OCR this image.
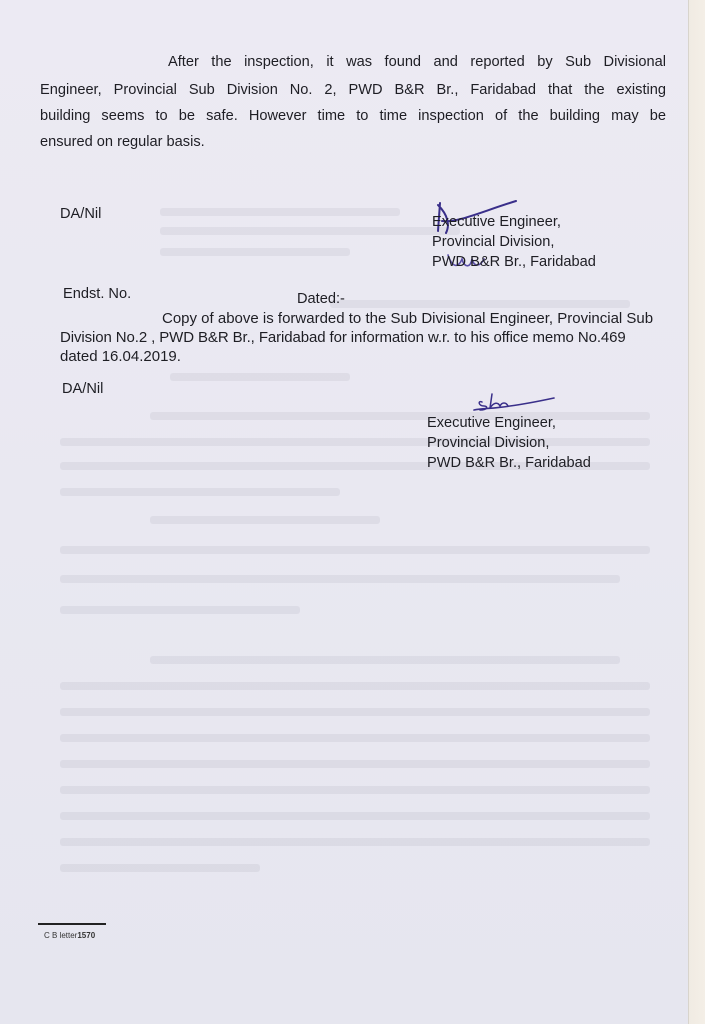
After the inspection, it was found and reported by Sub Divisional
Engineer, Provincial Sub Division No. 2, PWD B&R Br., Faridabad that the existing
building seems to be safe. However time to time inspection of the building may be
ensured on regular basis.
DA/Nil	Executive Engineer,
Provincial Division,
PWD B&R Br., Faridabad
Endst. No.	Dated:-
Copy of above is forwarded to the Sub Divisional Engineer, Provincial Sub
Division No.2 , PWD B&R Br., Faridabad for information w.r. to his office memo No.469
dated 16.04.2019.
DA/Nil
Executive Engineer,
Provincial Division,
PWD B&R Br., Faridabad
C B letter1570
